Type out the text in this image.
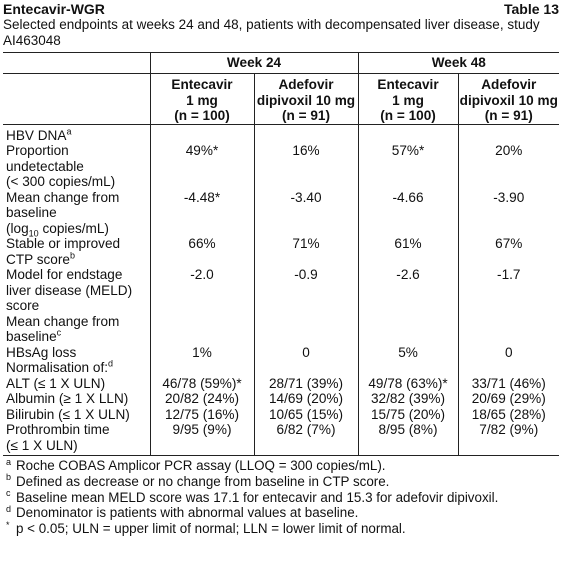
Entecavir-WGR	Table 13

Selected endpoints at weeks 24 and 48, patients with decompensated liver disease, study
AI463048

	Week 24		Week 48	
	Entecavir
1 mg
(n = 100)	Adefovir
dipivoxil 10 mg
(n = 91)	Entecavir
1 mg
(n = 100)	Adefovir
dipivoxil 10 mg
(n = 91)
HBV DNA$^a$				
Proportion
undetectable
(< 300 copies/mL)	49%*	16%	57%*	20%
Mean change from
baseline
($\log_{10}$ copies/mL)	-4.48*	-3.40	-4.66	-3.90
Stable or improved
CTP score$^b$	66%	71%	61%	67%
Model for endstage
liver disease (MELD)
score
Mean change from
baseline$^c$	-2.0	-0.9	-2.6	-1.7
HBsAg loss	1%	0	5%	0
Normalisation of:$^d$				
ALT (≤ 1 X ULN)	46/78 (59%)*	28/71 (39%)	49/78 (63%)*	33/71 (46%)
Albumin (≥ 1 X LLN)	20/82 (24%)	14/69 (20%)	32/82 (39%)	20/69 (29%)
Bilirubin (≤ 1 X ULN)	12/75 (16%)	10/65 (15%)	15/75 (20%)	18/65 (28%)
Prothrombin time
(≤ 1 X ULN)	9/95 (9%)	6/82 (7%)	8/95 (8%)	7/82 (9%)
a Roche COBAS Amplicor PCR assay (LLOQ = 300 copies/mL).
b Defined as decrease or no change from baseline in CTP score.
c Baseline mean MELD score was 17.1 for entecavir and 15.3 for adefovir dipivoxil.
d Denominator is patients with abnormal values at baseline.
* p < 0.05; ULN = upper limit of normal; LLN = lower limit of normal.
